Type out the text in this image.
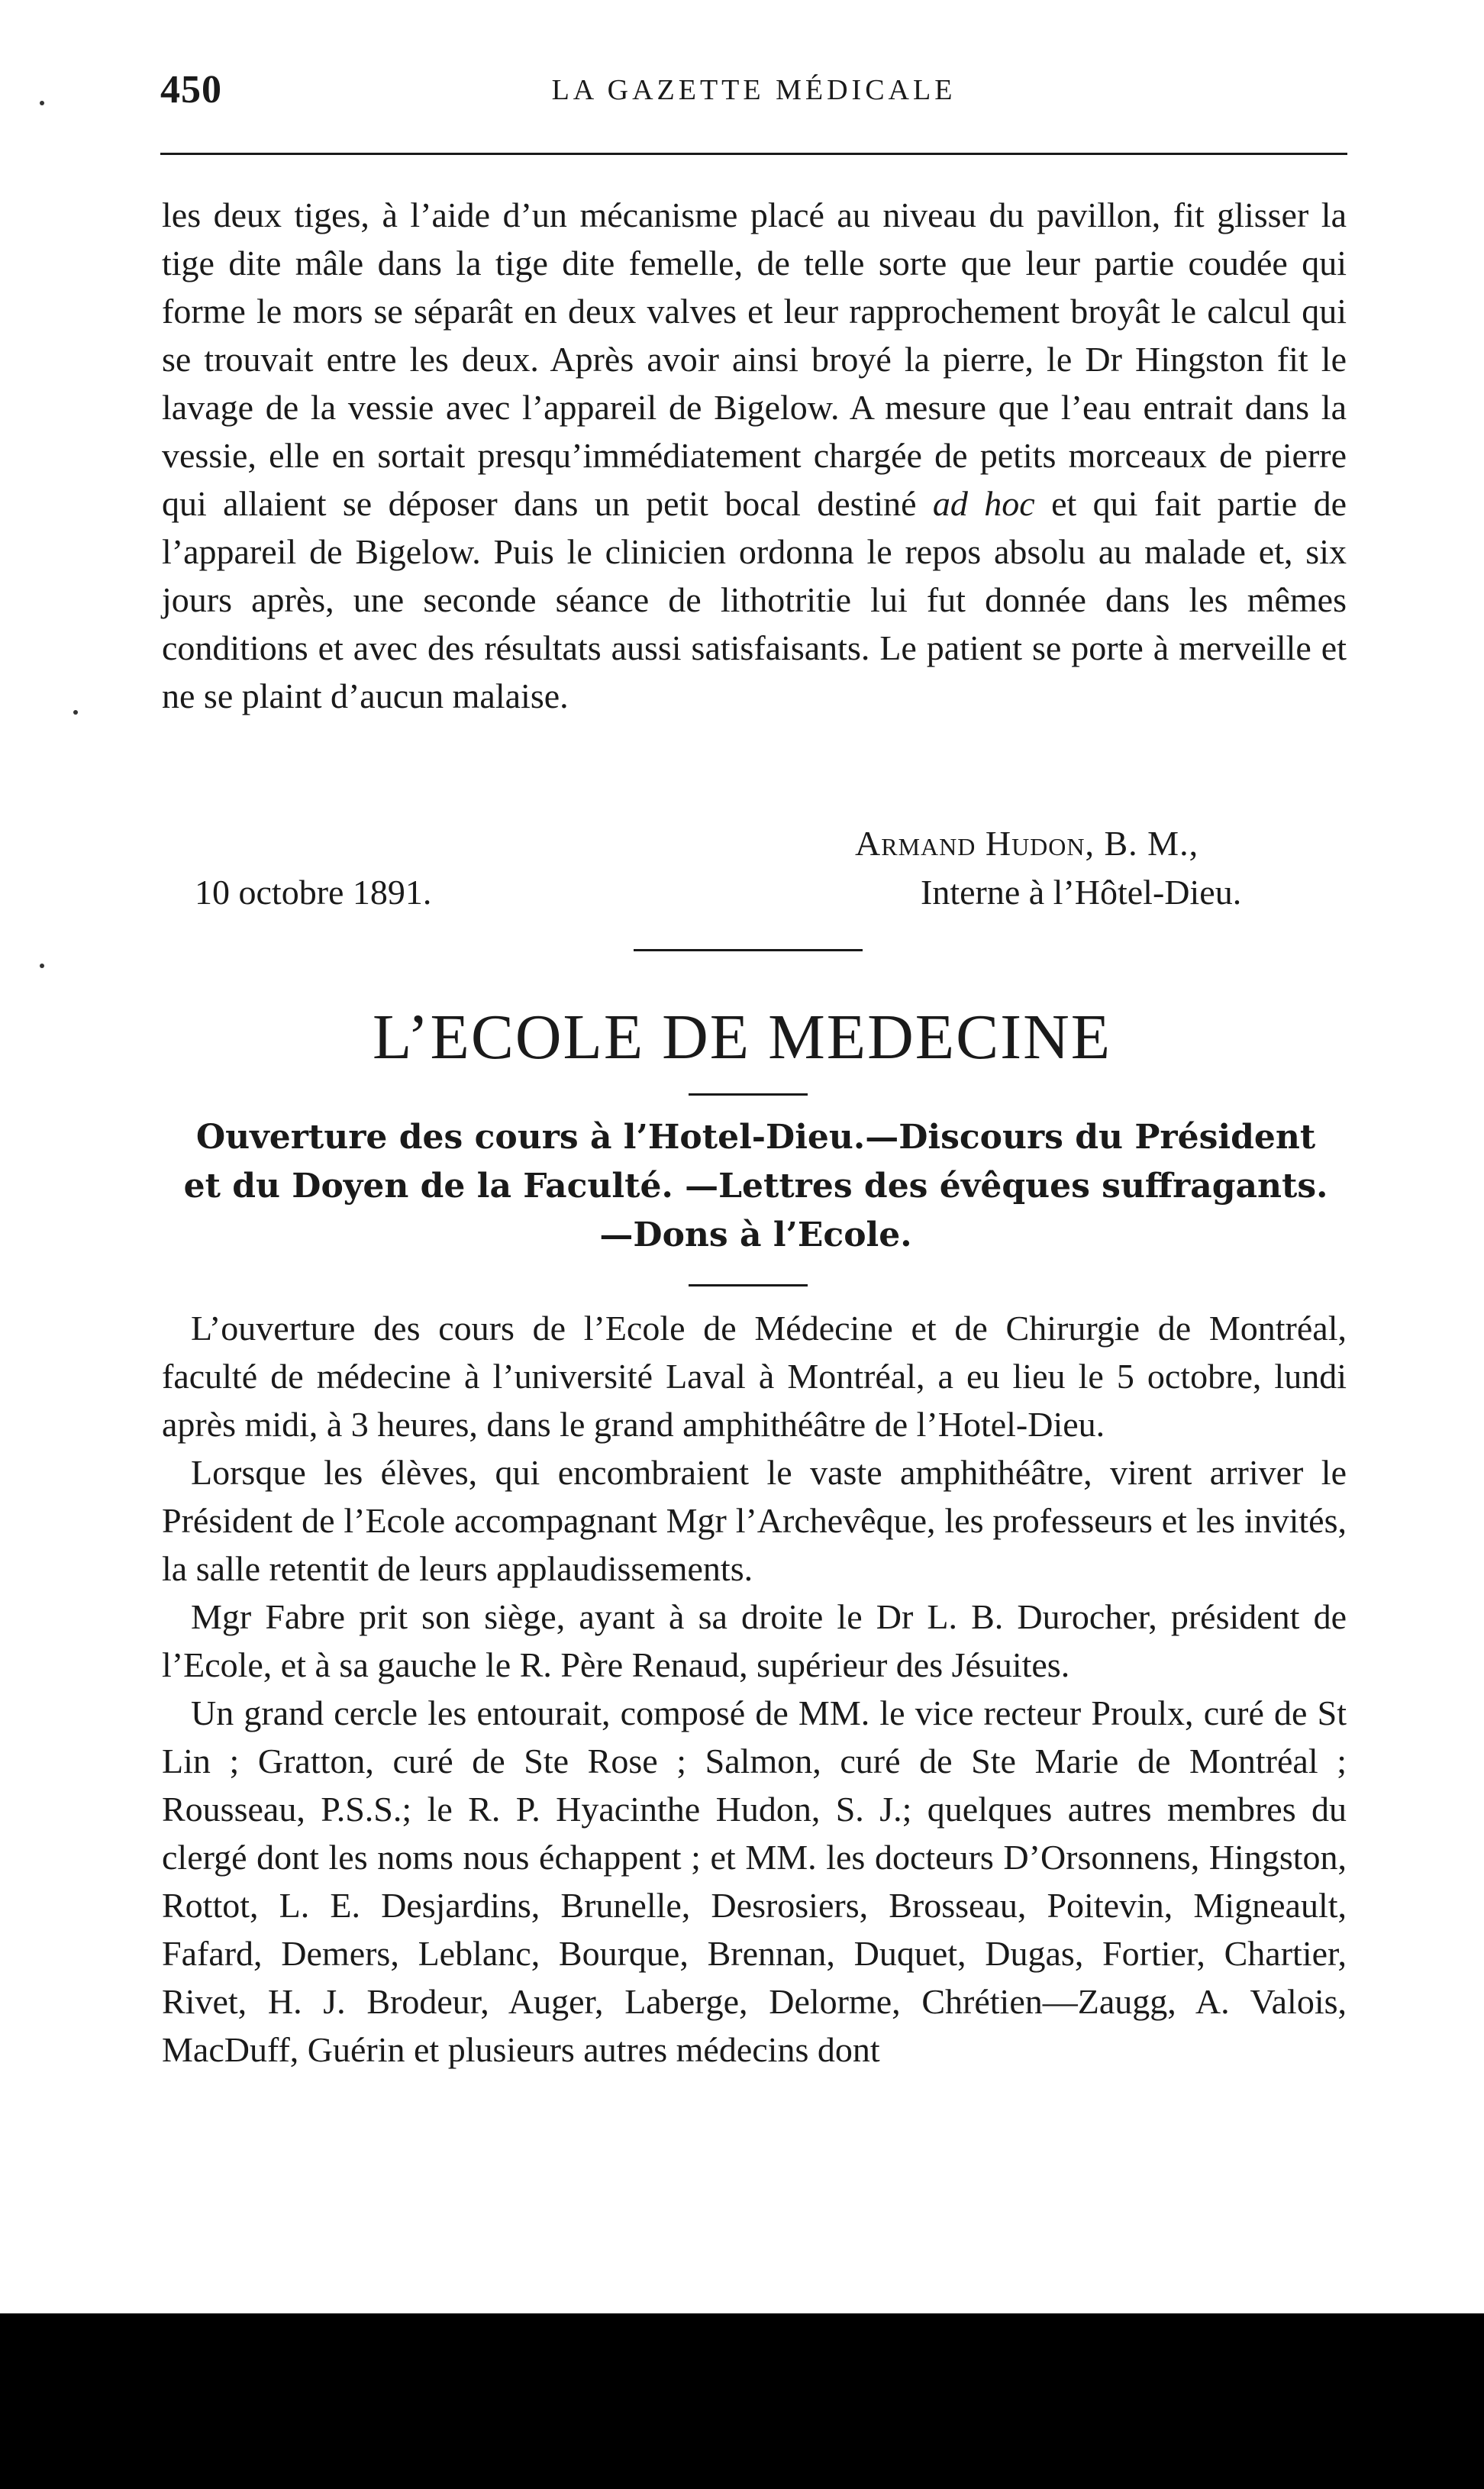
450	LA GAZETTE MÉDICALE

les deux tiges, à l’aide d’un mécanisme placé au niveau du pavillon, fit glisser la tige dite mâle dans la tige dite femelle, de telle sorte que leur partie coudée qui forme le mors se séparât en deux valves et leur rapprochement broyât le calcul qui se trouvait entre les deux. Après avoir ainsi broyé la pierre, le Dr Hingston fit le lavage de la vessie avec l’appareil de Bigelow. A mesure que l’eau entrait dans la vessie, elle en sortait presqu’immédiatement chargée de petits morceaux de pierre qui allaient se déposer dans un petit bocal destiné ad hoc et qui fait partie de l’appareil de Bigelow. Puis le clinicien ordonna le repos absolu au malade et, six jours après, une seconde séance de lithotritie lui fut donnée dans les mêmes conditions et avec des résultats aussi satisfaisants. Le patient se porte à merveille et ne se plaint d’aucun malaise.

Armand Hudon, B. M.,
10 octobre 1891.	Interne à l’Hôtel-Dieu.
L’ECOLE DE MEDECINE
Ouverture des cours à l’Hotel-Dieu.—Discours du Président et du Doyen de la Faculté. —Lettres des évêques suffragants.—Dons à l’Ecole.

L’ouverture des cours de l’Ecole de Médecine et de Chirurgie de Montréal, faculté de médecine à l’université Laval à Montréal, a eu lieu le 5 octobre, lundi après midi, à 3 heures, dans le grand amphithéâtre de l’Hotel-Dieu.

Lorsque les élèves, qui encombraient le vaste amphithéâtre, virent arriver le Président de l’Ecole accompagnant Mgr l’Archevêque, les professeurs et les invités, la salle retentit de leurs applaudissements.

Mgr Fabre prit son siège, ayant à sa droite le Dr L. B. Durocher, président de l’Ecole, et à sa gauche le R. Père Renaud, supérieur des Jésuites.

Un grand cercle les entourait, composé de MM. le vice recteur Proulx, curé de St Lin ; Gratton, curé de Ste Rose ; Salmon, curé de Ste Marie de Montréal ; Rousseau, P.S.S.; le R. P. Hyacinthe Hudon, S. J.; quelques autres membres du clergé dont les noms nous échappent ; et MM. les docteurs D’Orsonnens, Hingston, Rottot, L. E. Desjardins, Brunelle, Desrosiers, Brosseau, Poitevin, Migneault, Fafard, Demers, Leblanc, Bourque, Brennan, Duquet, Dugas, Fortier, Chartier, Rivet, H. J. Brodeur, Auger, Laberge, Delorme, Chrétien—Zaugg, A. Valois, MacDuff, Guérin et plusieurs autres médecins dont
